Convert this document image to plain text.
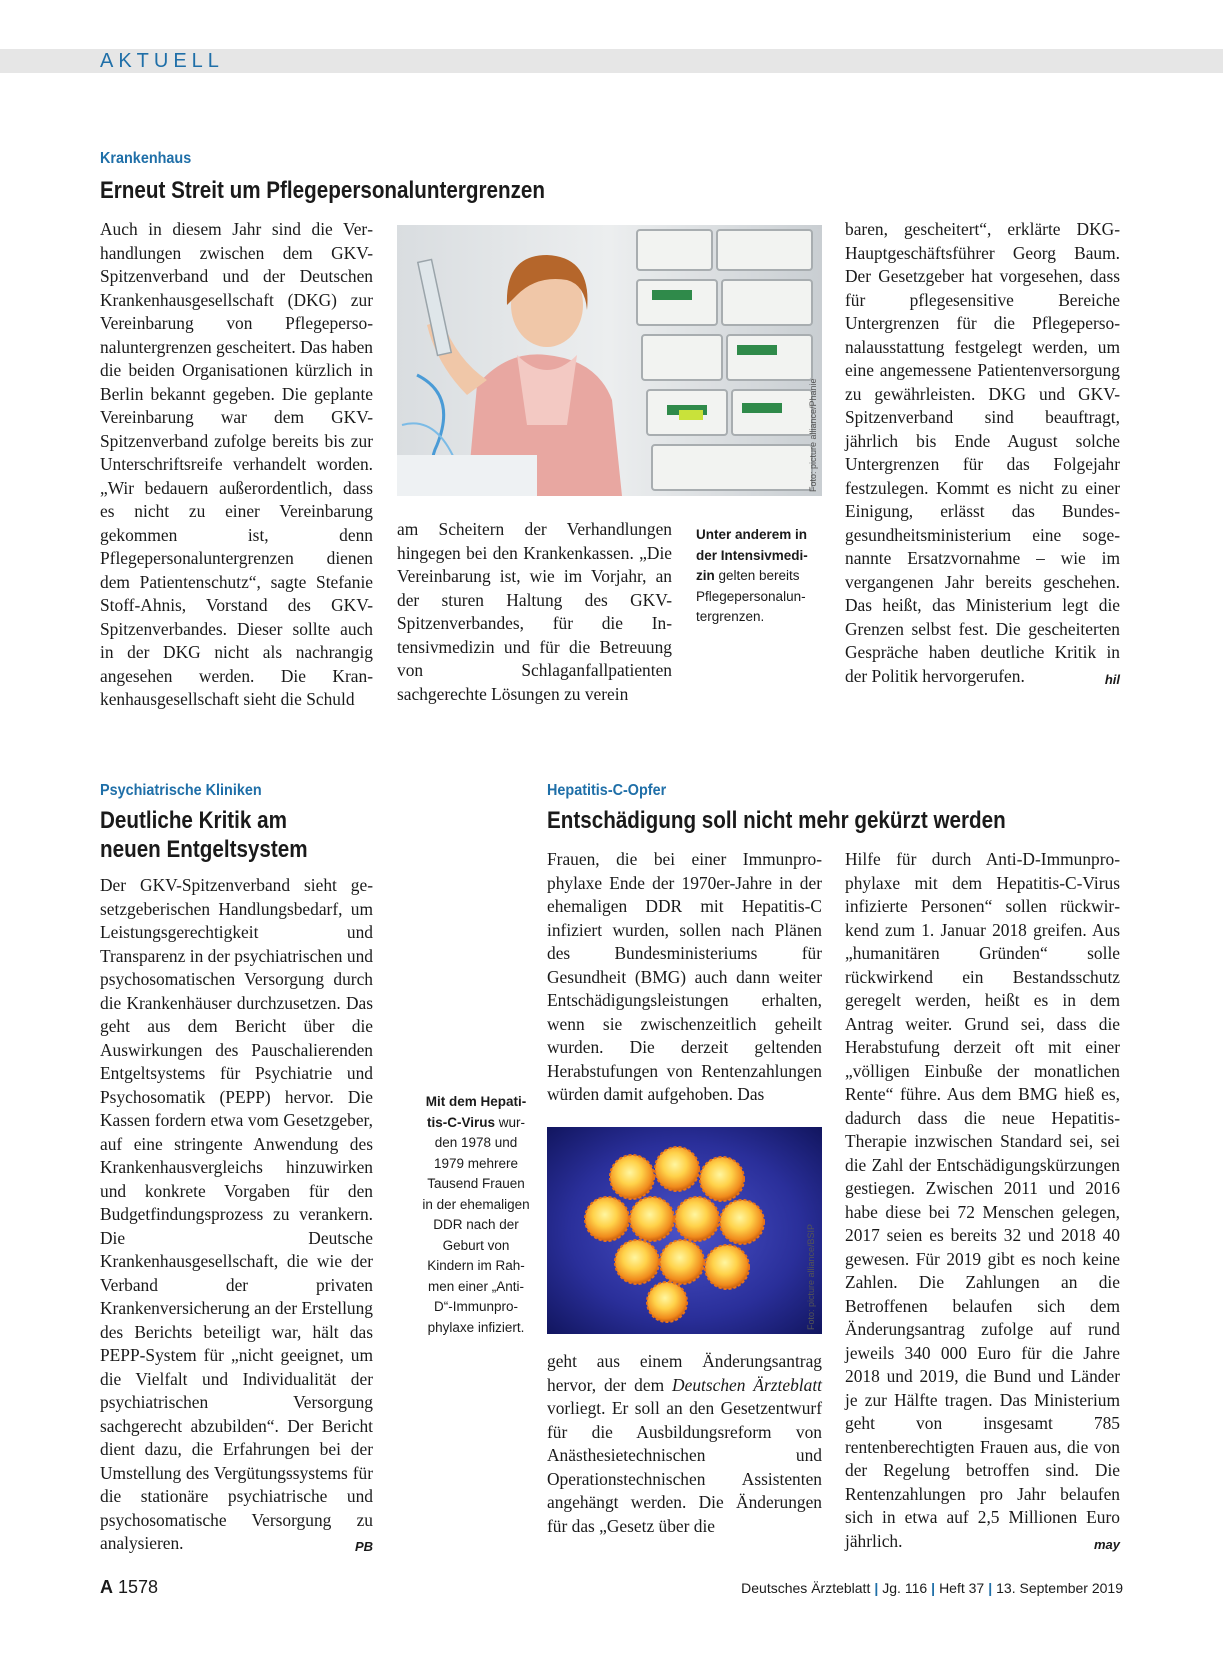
AKTUELL
Krankenhaus
Erneut Streit um Pflegepersonaluntergrenzen

Auch in diesem Jahr sind die Verhandlungen zwischen dem GKV-Spitzenverband und der Deutschen Krankenhausgesellschaft (DKG) zur Vereinbarung von Pflegepersonaluntergrenzen gescheitert. Das haben die beiden Organisationen kürzlich in Berlin bekannt gegeben. Die geplante Vereinbarung war dem GKV-Spitzenverband zufolge bereits bis zur Unterschriftsreife verhandelt worden. „Wir bedauern außerordentlich, dass es nicht zu einer Vereinbarung gekommen ist, denn Pflegepersonaluntergrenzen dienen dem Patientenschutz“, sagte Stefanie Stoff-Ahnis, Vorstand des GKV-Spitzenverbandes. Dieser sollte auch in der DKG nicht als nachrangig angesehen werden. Die Krankenhausgesellschaft sieht die Schuld

Foto: picture alliance/Phanie

am Scheitern der Verhandlungen hingegen bei den Krankenkassen. „Die Vereinbarung ist, wie im Vorjahr, an der sturen Haltung des GKV-Spitzenverbandes, für die Intensivmedizin und für die Betreuung von Schlaganfallpatienten sachgerechte Lösungen zu verein

Unter anderem in der Intensivmedizin gelten bereits Pflegepersonaluntergrenzen.

baren, gescheitert“, erklärte DKG-Hauptgeschäftsführer Georg Baum. Der Gesetzgeber hat vorgesehen, dass für pflegesensitive Bereiche Untergrenzen für die Pflegepersonalausstattung festgelegt werden, um eine angemessene Patientenversorgung zu gewährleisten. DKG und GKV-Spitzenverband sind beauftragt, jährlich bis Ende August solche Untergrenzen für das Folgejahr festzulegen. Kommt es nicht zu einer Einigung, erlässt das Bundesgesundheitsministerium eine sogenannte Ersatzvornahme – wie im vergangenen Jahr bereits geschehen. Das heißt, das Ministerium legt die Grenzen selbst fest. Die gescheiterten Gespräche haben deutliche Kritik in der Politik hervorgerufen.	hil

Psychiatrische Kliniken
Deutliche Kritik am
neuen Entgeltsystem

Der GKV-Spitzenverband sieht gesetzgeberischen Handlungsbedarf, um Leistungsgerechtigkeit und Transparenz in der psychiatrischen und psychosomatischen Versorgung durch die Krankenhäuser durchzusetzen. Das geht aus dem Bericht über die Auswirkungen des Pauschalierenden Entgeltsystems für Psychiatrie und Psychosomatik (PEPP) hervor. Die Kassen fordern etwa vom Gesetzgeber, auf eine stringente Anwendung des Krankenhausvergleichs hinzuwirken und konkrete Vorgaben für den Budgetfindungsprozess zu verankern. Die Deutsche Krankenhausgesellschaft, die wie der Verband der privaten Krankenversicherung an der Erstellung des Berichts beteiligt war, hält das PEPP-System für „nicht geeignet, um die Vielfalt und Individualität der psychiatrischen Versorgung sachgerecht abzubilden“. Der Bericht dient dazu, die Erfahrungen bei der Umstellung des Vergütungssystems für die stationäre psychiatrische und psychosomatische Versorgung zu analysieren.	PB

Hepatitis-C-Opfer
Entschädigung soll nicht mehr gekürzt werden

Frauen, die bei einer Immunprophylaxe Ende der 1970er-Jahre in der ehemaligen DDR mit Hepatitis-C infiziert wurden, sollen nach Plänen des Bundesministeriums für Gesundheit (BMG) auch dann weiter Entschädigungsleistungen erhalten, wenn sie zwischenzeitlich geheilt wurden. Die derzeit geltenden Herabstufungen von Rentenzahlungen würden damit aufgehoben. Das

Mit dem Hepatitis-C-Virus wurden 1978 und 1979 mehrere Tausend Frauen in der ehemaligen DDR nach der Geburt von Kindern im Rahmen einer „Anti-D“-Immunprophylaxe infiziert.	Foto: picture alliance/BSIP

geht aus einem Änderungsantrag hervor, der dem Deutschen Ärzteblatt vorliegt. Er soll an den Gesetzentwurf für die Ausbildungsreform von Anästhesietechnischen und Operationstechnischen Assistenten angehängt werden. Die Änderungen für das „Gesetz über die

Hilfe für durch Anti-D-Immunprophylaxe mit dem Hepatitis-C-Virus infizierte Personen“ sollen rückwirkend zum 1. Januar 2018 greifen. Aus „humanitären Gründen“ solle rückwirkend ein Bestandsschutz geregelt werden, heißt es in dem Antrag weiter. Grund sei, dass die Herabstufung derzeit oft mit einer „völligen Einbuße der monatlichen Rente“ führe. Aus dem BMG hieß es, dadurch dass die neue Hepatitis-Therapie inzwischen Standard sei, sei die Zahl der Entschädigungskürzungen gestiegen. Zwischen 2011 und 2016 habe diese bei 72 Menschen gelegen, 2017 seien es bereits 32 und 2018 40 gewesen. Für 2019 gibt es noch keine Zahlen. Die Zahlungen an die Betroffenen belaufen sich dem Änderungsantrag zufolge auf rund jeweils 340 000 Euro für die Jahre 2018 und 2019, die Bund und Länder je zur Hälfte tragen. Das Ministerium geht von insgesamt 785 rentenberechtigten Frauen aus, die von der Regelung betroffen sind. Die Rentenzahlungen pro Jahr belaufen sich in etwa auf 2,5 Millionen Euro jährlich.	may

A 1578	Deutsches Ärzteblatt | Jg. 116 | Heft 37 | 13. September 2019
